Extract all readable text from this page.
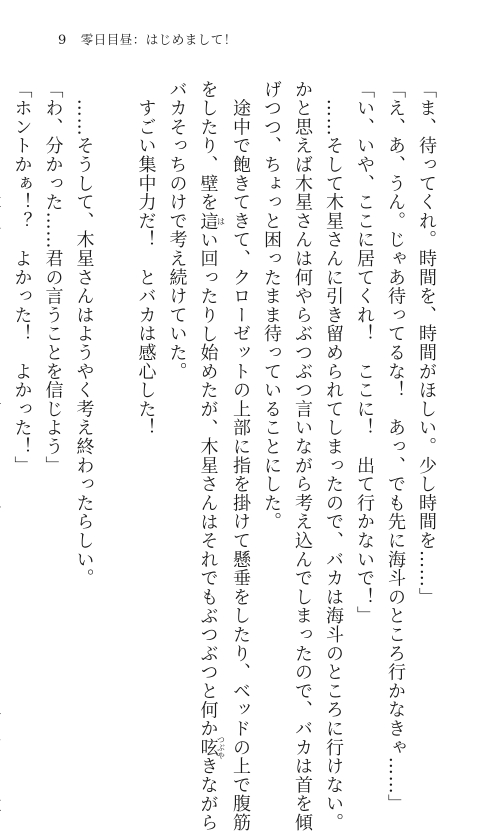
9 零日目昼：はじめまして！
「ま、待ってくれ。時間を、時間がほしい。少し時間を……」
「え、あ、うん。じゃあ待ってるな！　あっ、でも先に海斗のところ行かなきゃ……」
「い、いや、ここに居てくれ！　ここに！　出て行かないで！」
　……そして木星さんに引き留められてしまったので、バカは海斗のところに行けない。
かと思えば木星さんは何やらぶつぶつ言いながら考え込んでしまったので、バカは首を傾
げつつ、ちょっと困ったまま待っていることにした。
　途中で飽きてきて、クローゼットの上部に指を掛けて懸垂をしたり、ベッドの上で腹筋
をしたり、壁を這はい回ったりし始めたが、木星さんはそれでもぶつぶつと何か呟つぶやきながら
バカそっちのけで考え続けていた。
　すごい集中力だ！　とバカは感心した！
　……そうして、木星さんはようやく考え終わったらしい。
「わ、分かった……君の言うことを信じよう」
「ホントかぁ！？　よかった！　よかった！」
